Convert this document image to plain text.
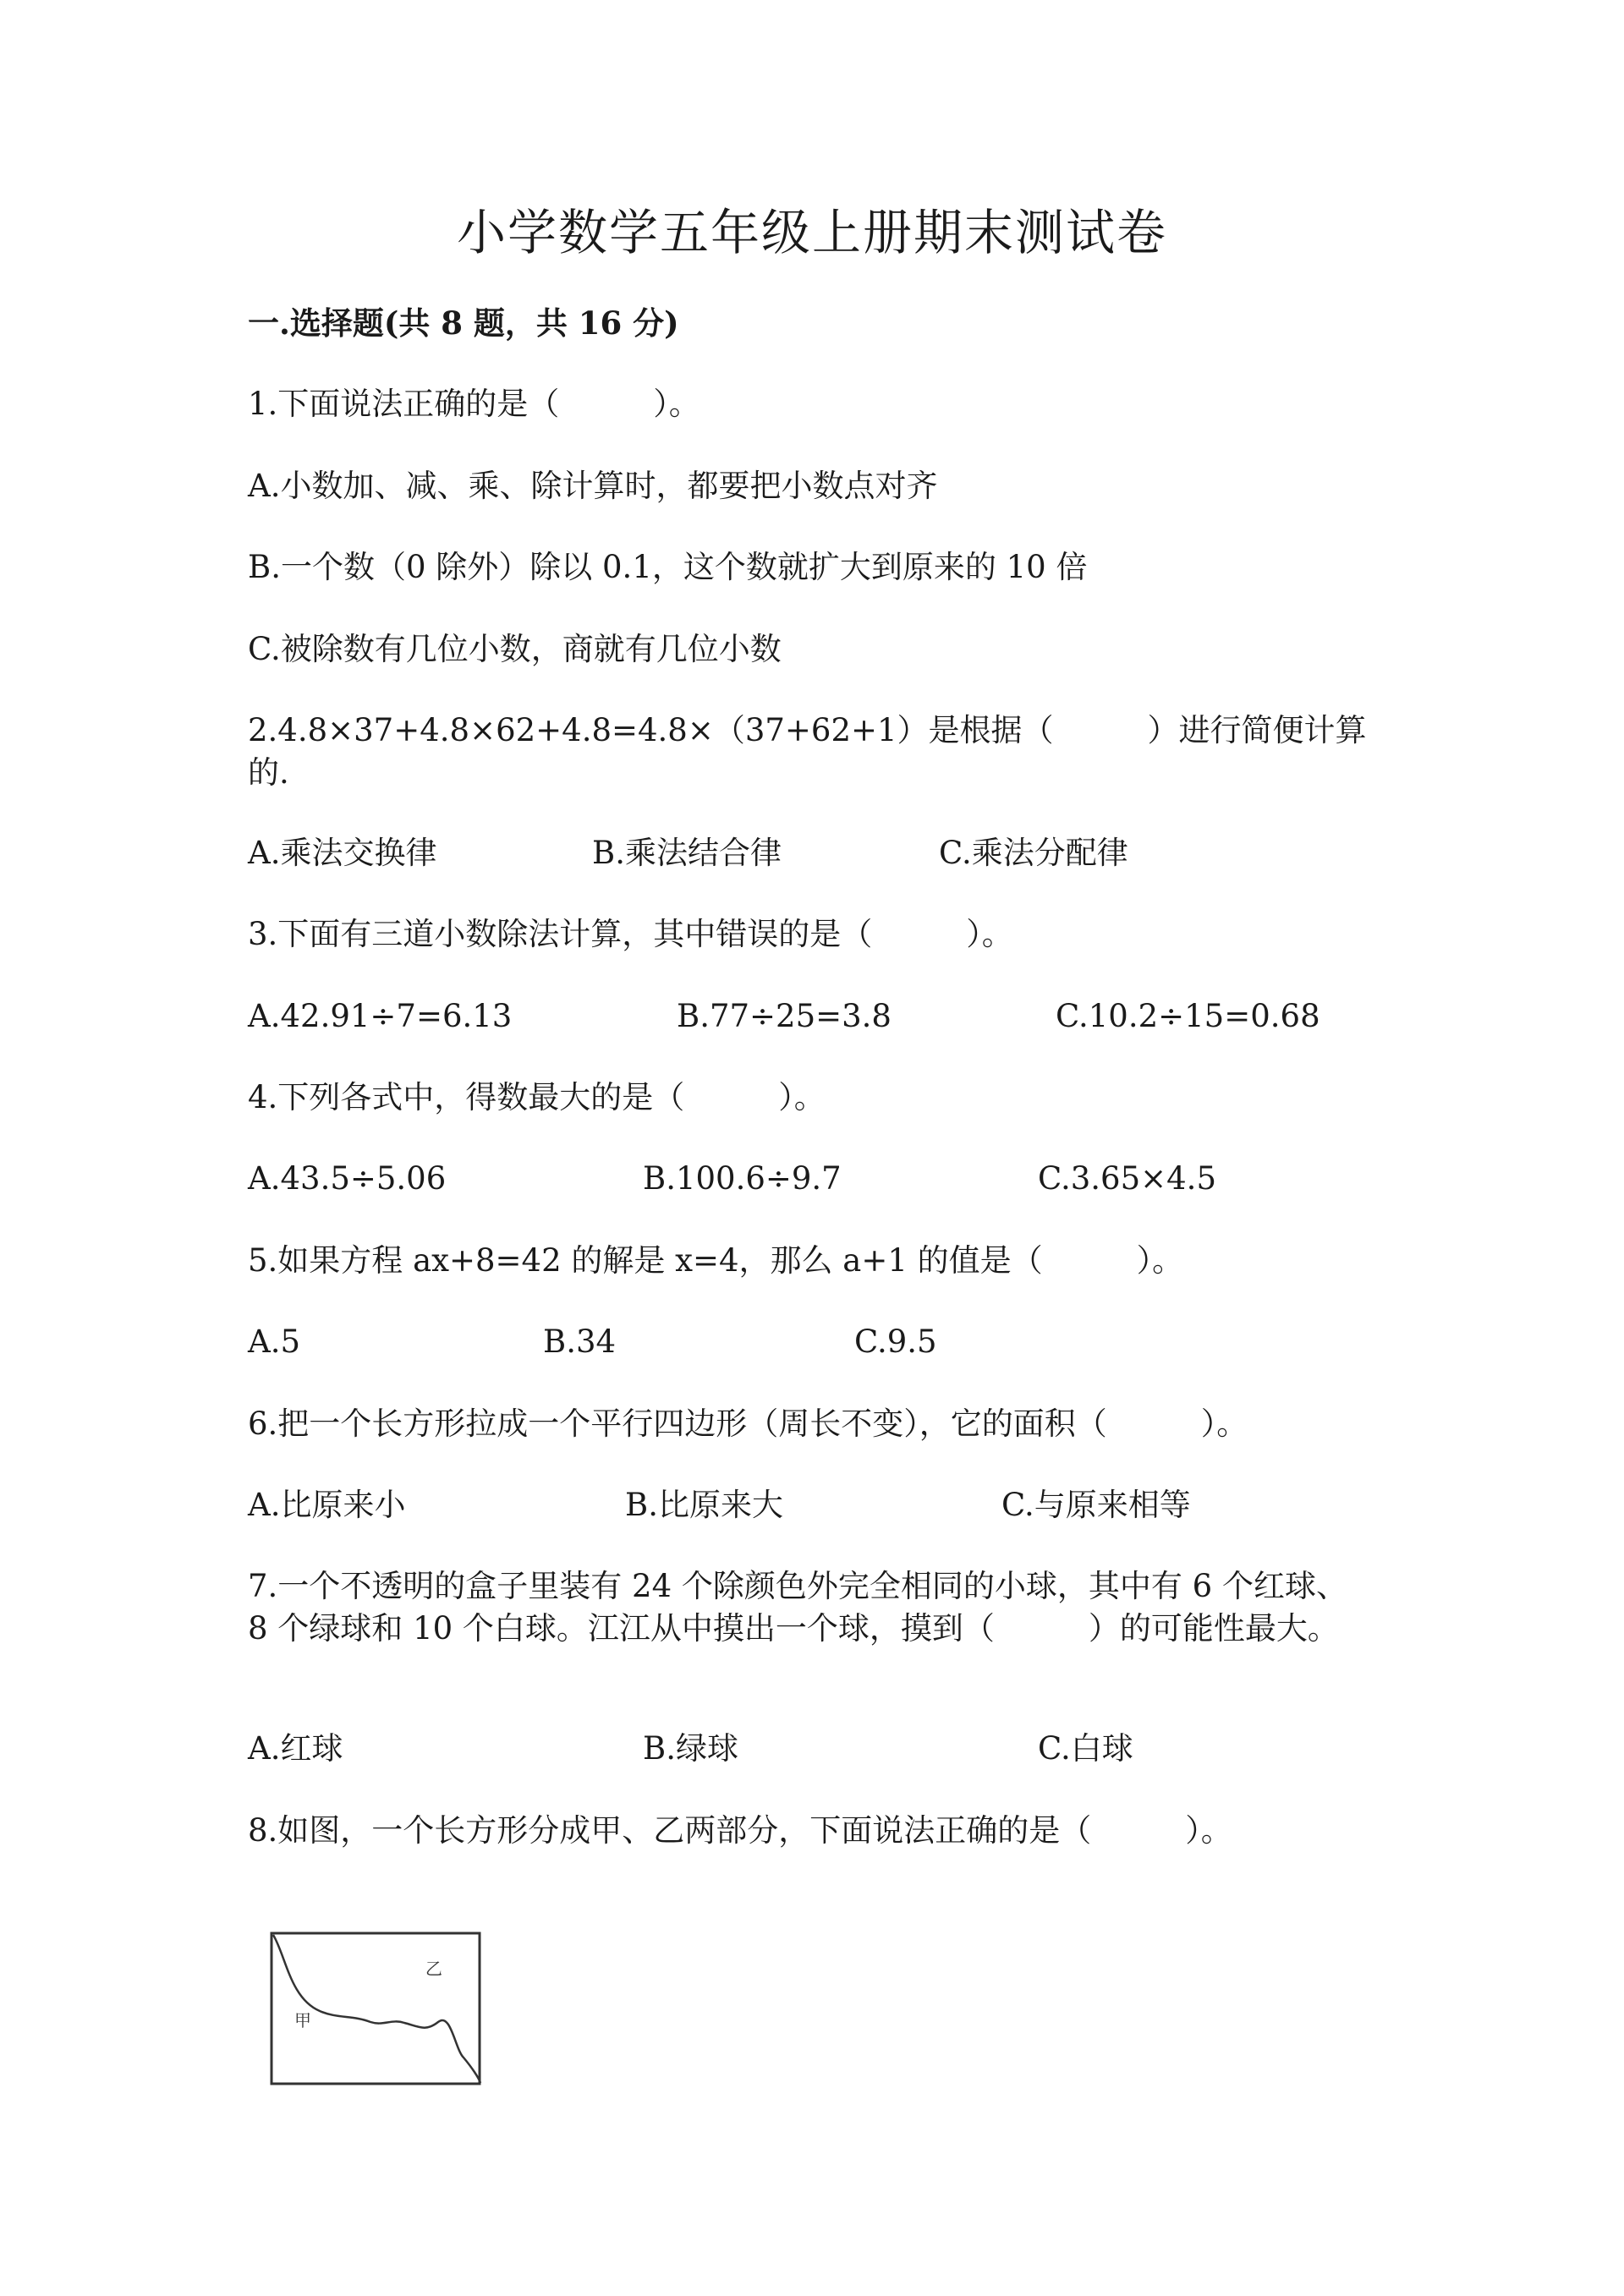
小学数学五年级上册期末测试卷
一.选择题(共 8 题，共 16 分)
1.下面说法正确的是（　　　）。
A.小数加、减、乘、除计算时，都要把小数点对齐
B.一个数（0 除外）除以 0.1，这个数就扩大到原来的 10 倍
C.被除数有几位小数，商就有几位小数
2.4.8×37+4.8×62+4.8=4.8×（37+62+1）是根据（　　　）进行简便计算
的.
A.乘法交换律	B.乘法结合律	C.乘法分配律
3.下面有三道小数除法计算，其中错误的是（　　　）。
A.42.91÷7=6.13	B.77÷25=3.8	C.10.2÷15=0.68
4.下列各式中，得数最大的是（　　　）。
A.43.5÷5.06	B.100.6÷9.7	C.3.65×4.5
5.如果方程 ax+8=42 的解是 x=4，那么 a+1 的值是（　　　）。
A.5	B.34	C.9.5
6.把一个长方形拉成一个平行四边形（周长不变），它的面积（　　　）。
A.比原来小	B.比原来大	C.与原来相等
7.一个不透明的盒子里装有 24 个除颜色外完全相同的小球，其中有 6 个红球、
8 个绿球和 10 个白球。江江从中摸出一个球，摸到（　　　）的可能性最大。
A.红球	B.绿球	C.白球
8.如图，一个长方形分成甲、乙两部分，下面说法正确的是（　　　）。
乙
甲
